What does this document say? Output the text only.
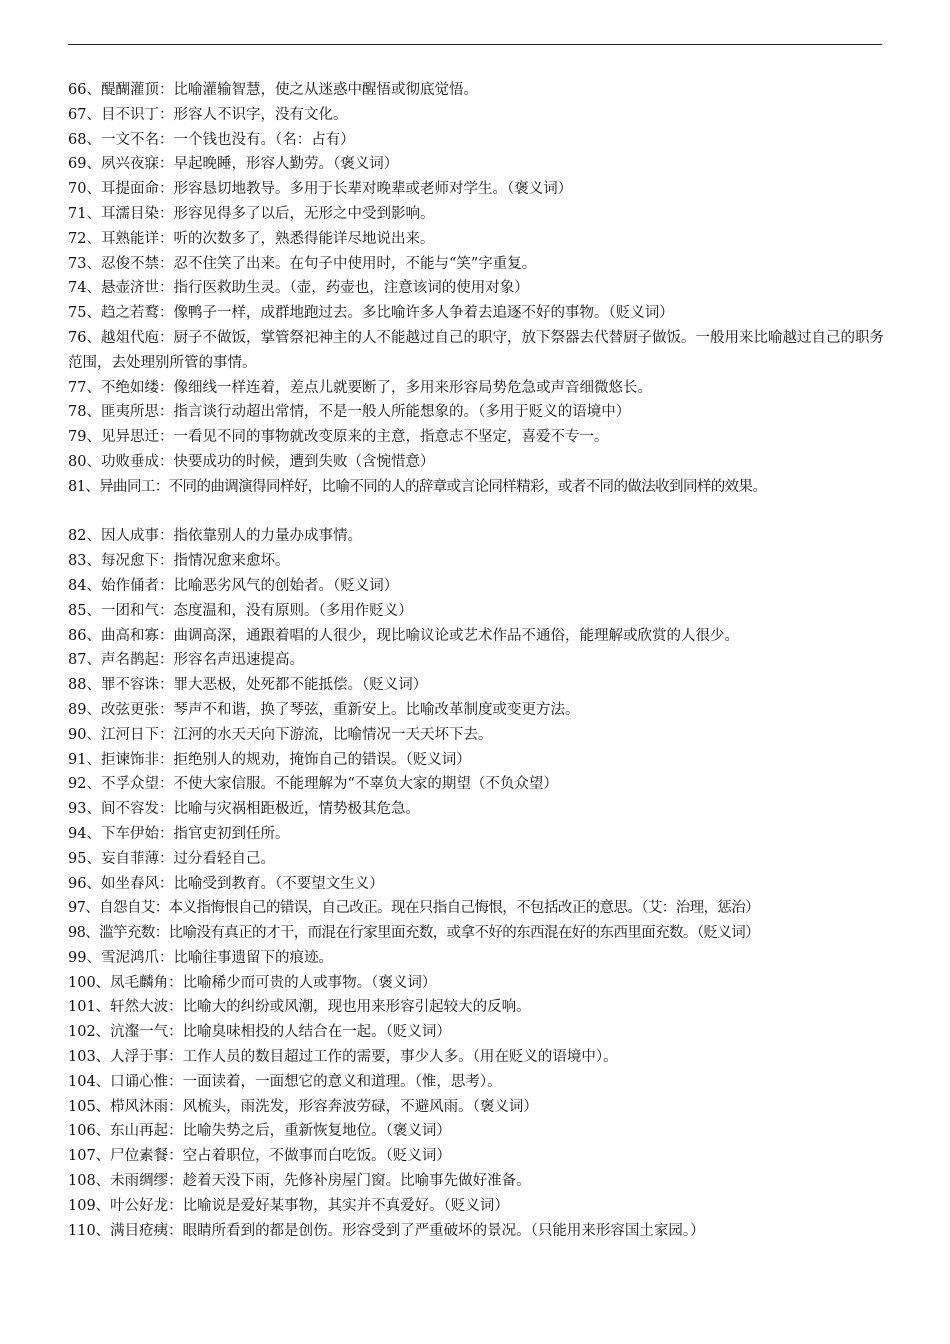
66、醍醐灌顶：比喻灌输智慧，使之从迷惑中醒悟或彻底觉悟。
67、目不识丁：形容人不识字，没有文化。
68、一文不名：一个钱也没有。（名：占有）
69、夙兴夜寐：早起晚睡，形容人勤劳。（褒义词）
70、耳提面命：形容恳切地教导。多用于长辈对晚辈或老师对学生。（褒义词）
71、耳濡目染：形容见得多了以后，无形之中受到影响。
72、耳熟能详：听的次数多了，熟悉得能详尽地说出来。
73、忍俊不禁：忍不住笑了出来。在句子中使用时，不能与“笑”字重复。
74、悬壶济世：指行医救助生灵。（壶，药壶也，注意该词的使用对象）
75、趋之若鹜：像鸭子一样，成群地跑过去。多比喻许多人争着去追逐不好的事物。（贬义词）
76、越俎代庖：厨子不做饭，掌管祭祀神主的人不能越过自己的职守，放下祭器去代替厨子做饭。一般用来比喻越过自己的职务范围，去处理别所管的事情。
77、不绝如缕：像细线一样连着，差点儿就要断了，多用来形容局势危急或声音细微悠长。
78、匪夷所思：指言谈行动超出常情，不是一般人所能想象的。（多用于贬义的语境中）
79、见异思迁：一看见不同的事物就改变原来的主意，指意志不坚定，喜爱不专一。
80、功败垂成：快要成功的时候，遭到失败（含惋惜意）
81、异曲同工：不同的曲调演得同样好，比喻不同的人的辞章或言论同样精彩，或者不同的做法收到同样的效果。
82、因人成事：指依靠别人的力量办成事情。
83、每况愈下：指情况愈来愈坏。
84、始作俑者：比喻恶劣风气的创始者。（贬义词）
85、一团和气：态度温和，没有原则。（多用作贬义）
86、曲高和寡：曲调高深，通跟着唱的人很少，现比喻议论或艺术作品不通俗，能理解或欣赏的人很少。
87、声名鹊起：形容名声迅速提高。
88、罪不容诛：罪大恶极，处死都不能抵偿。（贬义词）
89、改弦更张：琴声不和谐，换了琴弦，重新安上。比喻改革制度或变更方法。
90、江河日下：江河的水天天向下游流，比喻情况一天天坏下去。
91、拒谏饰非：拒绝别人的规劝，掩饰自己的错误。（贬义词）
92、不孚众望：不使大家信服。不能理解为“不辜负大家的期望（不负众望）
93、间不容发：比喻与灾祸相距极近，情势极其危急。
94、下车伊始：指官吏初到任所。
95、妄自菲薄：过分看轻自己。
96、如坐春风：比喻受到教育。（不要望文生义）
97、自怨自艾：本义指悔恨自己的错误，自己改正。现在只指自己悔恨，不包括改正的意思。（艾：治理，惩治）
98、滥竽充数：比喻没有真正的才干，而混在行家里面充数，或拿不好的东西混在好的东西里面充数。（贬义词）
99、雪泥鸿爪：比喻往事遗留下的痕迹。
100、凤毛麟角：比喻稀少而可贵的人或事物。（褒义词）
101、轩然大波：比喻大的纠纷或风潮，现也用来形容引起较大的反响。
102、沆瀣一气：比喻臭味相投的人结合在一起。（贬义词）
103、人浮于事：工作人员的数目超过工作的需要，事少人多。（用在贬义的语境中）。
104、口诵心惟：一面读着，一面想它的意义和道理。（惟，思考）。
105、栉风沐雨：风梳头，雨洗发，形容奔波劳碌，不避风雨。（褒义词）
106、东山再起：比喻失势之后，重新恢复地位。（褒义词）
107、尸位素餐：空占着职位，不做事而白吃饭。（贬义词）
108、未雨绸缪：趁着天没下雨，先修补房屋门窗。比喻事先做好准备。
109、叶公好龙：比喻说是爱好某事物，其实并不真爱好。（贬义词）
110、满目疮痍：眼睛所看到的都是创伤。形容受到了严重破坏的景况。（只能用来形容国土家园。）
